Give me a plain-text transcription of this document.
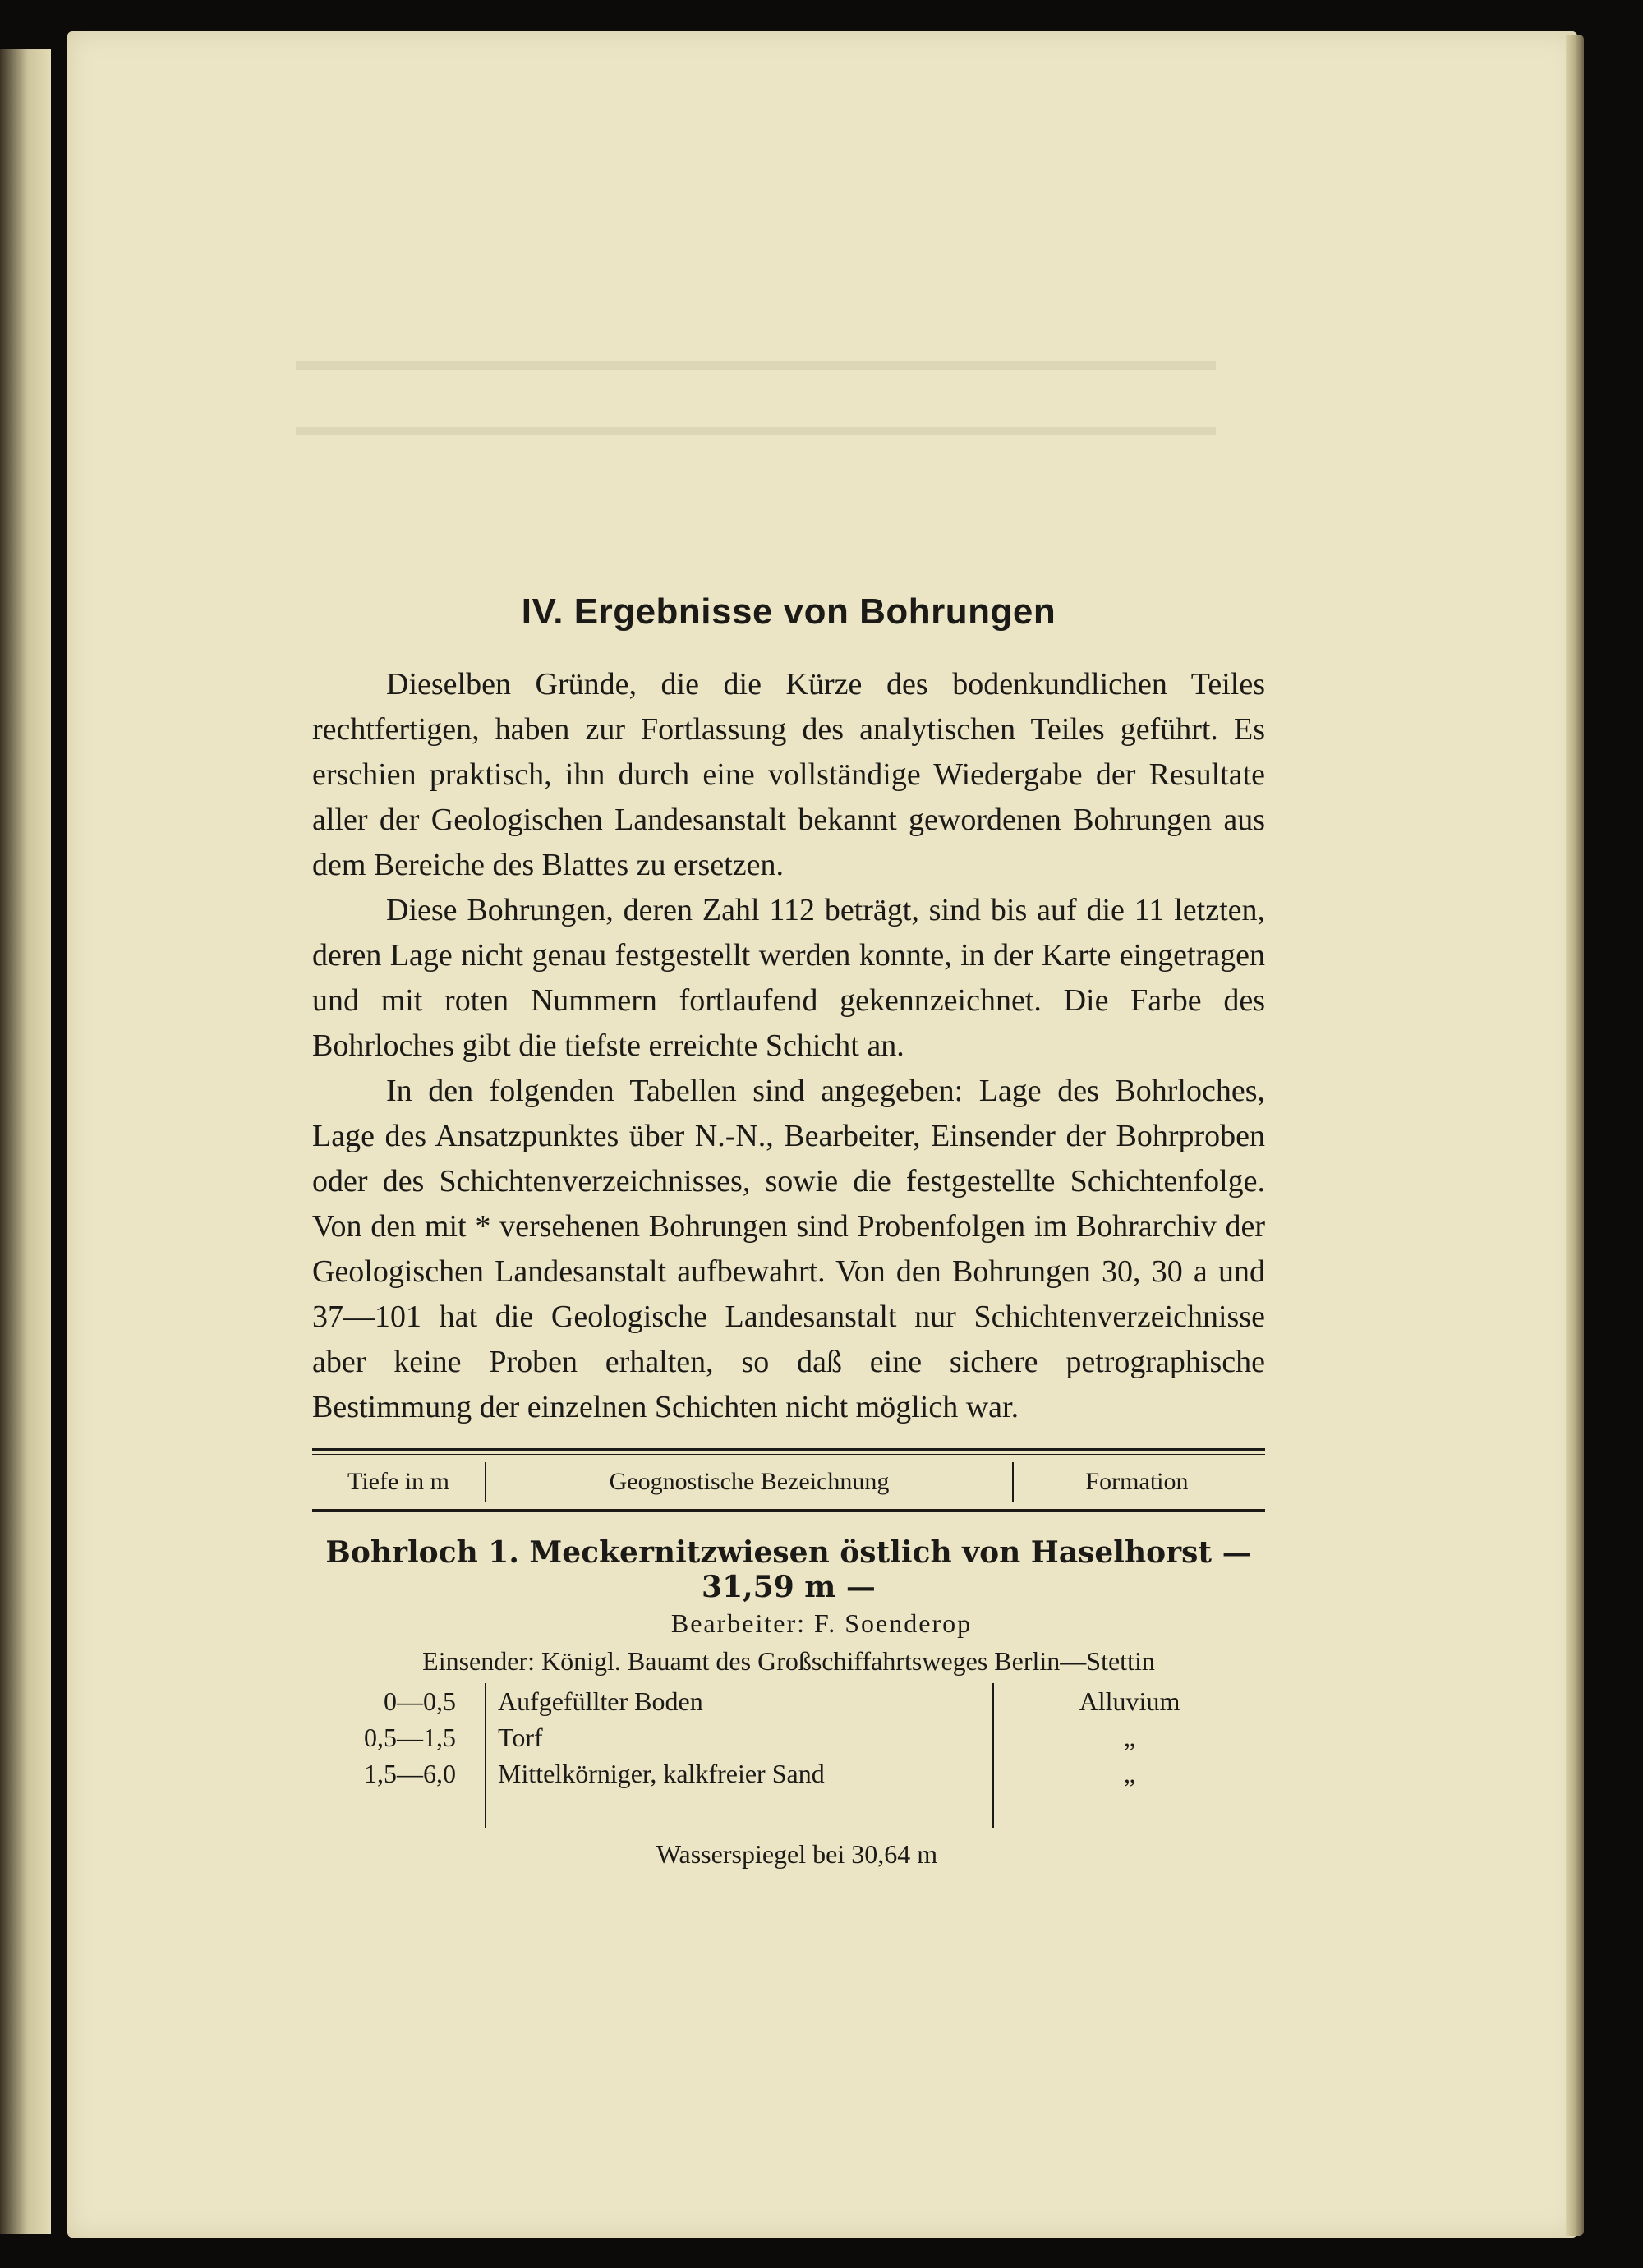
IV. Ergebnisse von Bohrungen

Dieselben Gründe, die die Kürze des bodenkundlichen Teiles rechtfertigen, haben zur Fortlassung des analytischen Teiles geführt. Es erschien praktisch, ihn durch eine vollständige Wiedergabe der Resultate aller der Geologischen Landesanstalt bekannt gewordenen Bohrungen aus dem Bereiche des Blattes zu ersetzen.

Diese Bohrungen, deren Zahl 112 beträgt, sind bis auf die 11 letzten, deren Lage nicht genau festgestellt werden konnte, in der Karte eingetragen und mit roten Nummern fortlaufend gekennzeichnet. Die Farbe des Bohrloches gibt die tiefste erreichte Schicht an.

In den folgenden Tabellen sind angegeben: Lage des Bohrloches, Lage des Ansatzpunktes über N.-N., Bearbeiter, Einsender der Bohrproben oder des Schichtenverzeichnisses, sowie die festgestellte Schichtenfolge. Von den mit * versehenen Bohrungen sind Probenfolgen im Bohrarchiv der Geologischen Landesanstalt aufbewahrt. Von den Bohrungen 30, 30 a und 37—101 hat die Geologische Landesanstalt nur Schichtenverzeichnisse aber keine Proben erhalten, so daß eine sichere petrographische Bestimmung der einzelnen Schichten nicht möglich war.

Tiefe in m	Geognostische Bezeichnung	Formation
Bohrloch 1. Meckernitzwiesen östlich von Haselhorst — 31,59 m —
Bearbeiter: F. Soenderop
Einsender: Königl. Bauamt des Großschiffahrtsweges Berlin—Stettin
0—0,5	Aufgefüllter Boden	Alluvium
0,5—1,5	Torf	„
1,5—6,0	Mittelkörniger, kalkfreier Sand	„
Wasserspiegel bei 30,64 m
